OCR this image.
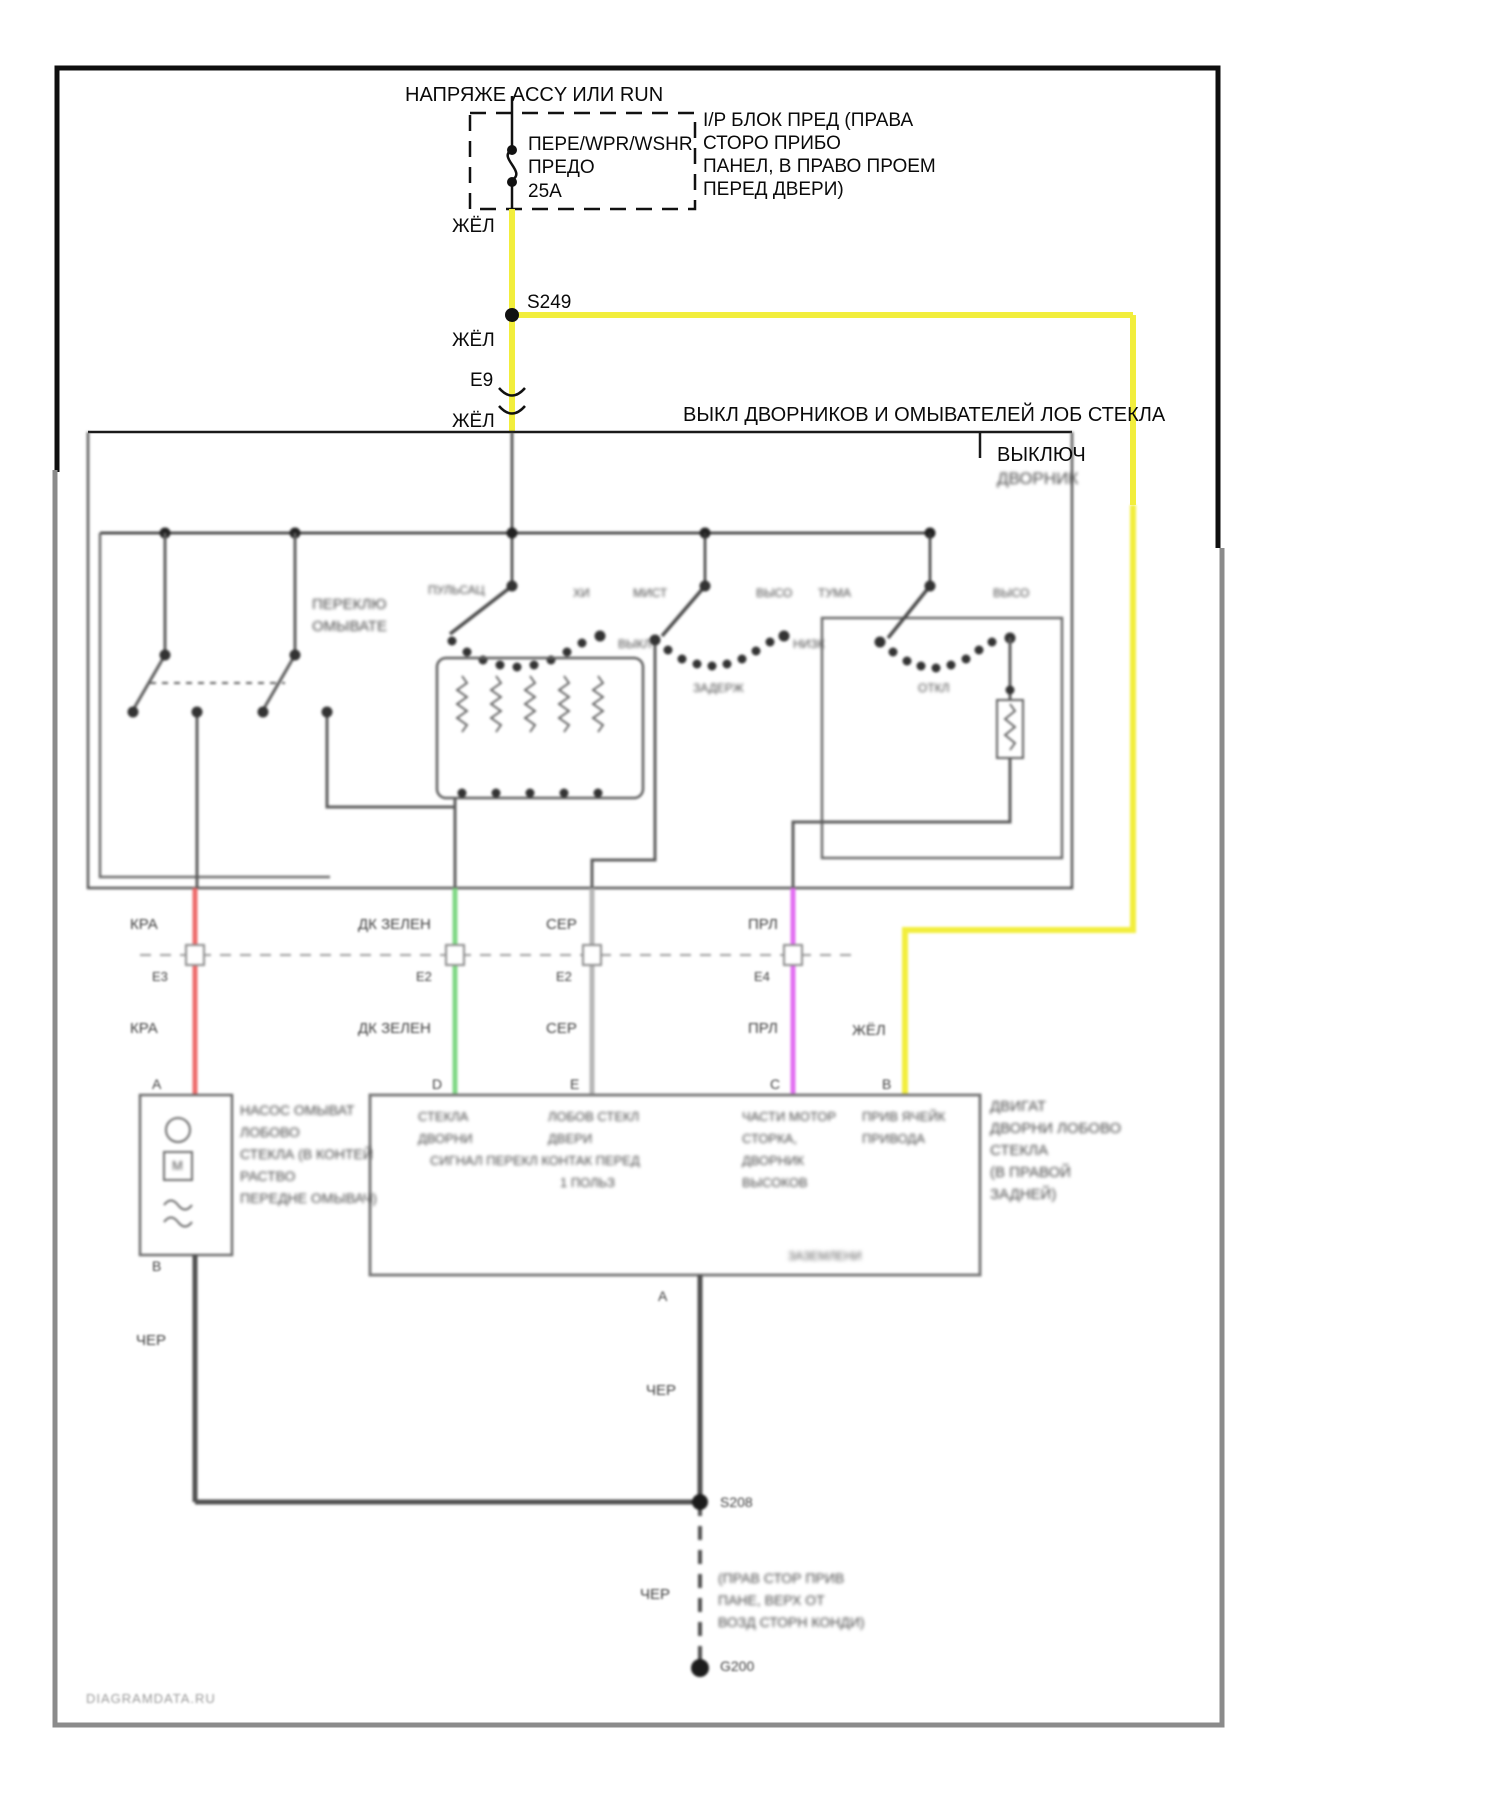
НАПРЯЖЕ ACCY ИЛИ RUN
ПЕРЕ/WPR/WSHR
ПРЕДО
25A
I/P БЛОК ПРЕД (ПРАВА
СТОРО ПРИБО
ПАНЕЛ, В ПРАВО ПРОЕМ
ПЕРЕД ДВЕРИ)
ЖЁЛ
S249
ЖЁЛ
E9
ЖЁЛ	ВЫКЛ ДВОРНИКОВ И ОМЫВАТЕЛЕЙ ЛОБ СТЕКЛА
ВЫКЛЮЧ
ДВОРНИК
ПЕРЕКЛЮ
ОМЫВАТЕ
ПУЛЬСАЦ	ХИ	МИСТ	ВЫСО ТУМА	ВЫСО
ВЫКЛ
ЗАДЕРЖ
НИЗК
ОТКЛ
КРА
КРА
ДК ЗЕЛЕН
ДК ЗЕЛЕН
СЕР
СЕР
ПРЛ
ПРЛ	ЖЁЛ
E3	E2	E2	E4
A
B
D	E	C	B
A
М
НАСОС ОМЫВАТ
ЛОБОВО
СТЕКЛА (В КОНТЕЙ
РАСТВО
ПЕРЕДНЕ ОМЫВАЧ)
СТЕКЛА
ДВОРНИ
ЛОБОВ СТЕКЛ
ДВЕРИ
СИГНАЛ ПЕРЕКЛ КОНТАК ПЕРЕД
1 ПОЛЬЗ
ЧАСТИ МОТОР
СТОРКА,
ДВОРНИК
ВЫСОКОВ
ПРИВ ЯЧЕЙК
ПРИВОДА
ЗАЗЕМЛЕНИ
ДВИГАТ
ДВОРНИ ЛОБОВО
СТЕКЛА
(В ПРАВОЙ
ЗАДНЕЙ)
ЧЕР
ЧЕР
ЧЕР
S208
(ПРАВ СТОР ПРИВ
ПАНЕ, ВЕРХ ОТ
ВОЗД СТОРН КОНДИ)
G200
DIAGRAMDATA.RU
